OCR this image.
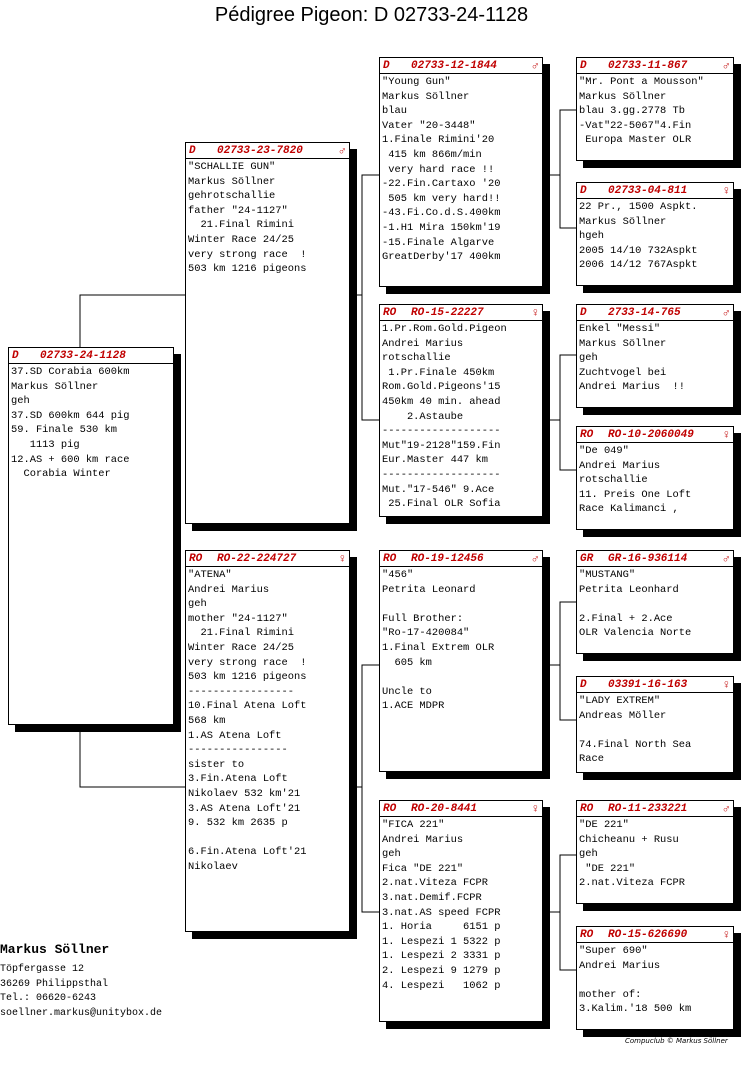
Pédigree Pigeon: D 02733-24-1128
D	02733-24-1128
37.SD Corabia 600km
Markus Söllner
geh
37.SD 600km 644 pig
59. Finale 530 km
1113 pig
12.AS + 600 km race
Corabia Winter
D	02733-23-7820	♂
"SCHALLIE GUN"
Markus Söllner
gehrotschallie
father "24-1127"
21.Final Rimini
Winter Race 24/25
very strong race  !
503 km 1216 pigeons
RO	RO-22-224727	♀
"ATENA"
Andrei Marius
geh
mother "24-1127"
21.Final Rimini
Winter Race 24/25
very strong race  !
503 km 1216 pigeons
-----------------
10.Final Atena Loft
568 km
1.AS Atena Loft
----------------
sister to
3.Fin.Atena Loft
Nikolaev 532 km'21
3.AS Atena Loft'21
9. 532 km 2635 p
6.Fin.Atena Loft'21
Nikolaev
D	02733-12-1844	♂
"Young Gun"
Markus Söllner
blau
Vater "20-3448"
1.Finale Rimini'20
415 km 866m/min
very hard race !!
-22.Fin.Cartaxo '20
505 km very hard!!
-43.Fi.Co.d.S.400km
-1.H1 Mira 150km'19
-15.Finale Algarve
GreatDerby'17 400km
RO	RO-15-22227	♀
1.Pr.Rom.Gold.Pigeon
Andrei Marius
rotschallie
1.Pr.Finale 450km
Rom.Gold.Pigeons'15
450km 40 min. ahead
2.Astaube
-------------------
Mut"19-2128"159.Fin
Eur.Master 447 km
-------------------
Mut."17-546" 9.Ace
25.Final OLR Sofia
RO	RO-19-12456	♂
"456"
Petrita Leonard
Full Brother:
"Ro-17-420084"
1.Final Extrem OLR
605 km
Uncle to
1.ACE MDPR
RO	RO-20-8441	♀
"FICA 221"
Andrei Marius
geh
Fica "DE 221"
2.nat.Viteza FCPR
3.nat.Demif.FCPR
3.nat.AS speed FCPR
1. Horia     6151 p
1. Lespezi 1 5322 p
1. Lespezi 2 3331 p
2. Lespezi 9 1279 p
4. Lespezi   1062 p
D	02733-11-867	♂
"Mr. Pont a Mousson"
Markus Söllner
blau 3.gg.2778 Tb
-Vat"22-5067"4.Fin
Europa Master OLR
D	02733-04-811	♀
22 Pr., 1500 Aspkt.
Markus Söllner
hgeh
2005 14/10 732Aspkt
2006 14/12 767Aspkt
D	2733-14-765	♂
Enkel "Messi"
Markus Söllner
geh
Zuchtvogel bei
Andrei Marius  !!
RO	RO-10-2060049	♀
"De 049"
Andrei Marius
rotschallie
11. Preis One Loft
Race Kalimanci ,
GR	GR-16-936114	♂
"MUSTANG"
Petrita Leonhard
2.Final + 2.Ace
OLR Valencia Norte
D	03391-16-163	♀
"LADY EXTREM"
Andreas Möller
74.Final North Sea
Race
RO	RO-11-233221	♂
"DE 221"
Chicheanu + Rusu
geh
"DE 221"
2.nat.Viteza FCPR
RO	RO-15-626690	♀
"Super 690"
Andrei Marius
mother of:
3.Kalim.'18 500 km
Markus Söllner
Töpfergasse 12
36269 Philippsthal
Tel.: 06620-6243
soellner.markus@unitybox.de
Compuclub © Markus Söllner
